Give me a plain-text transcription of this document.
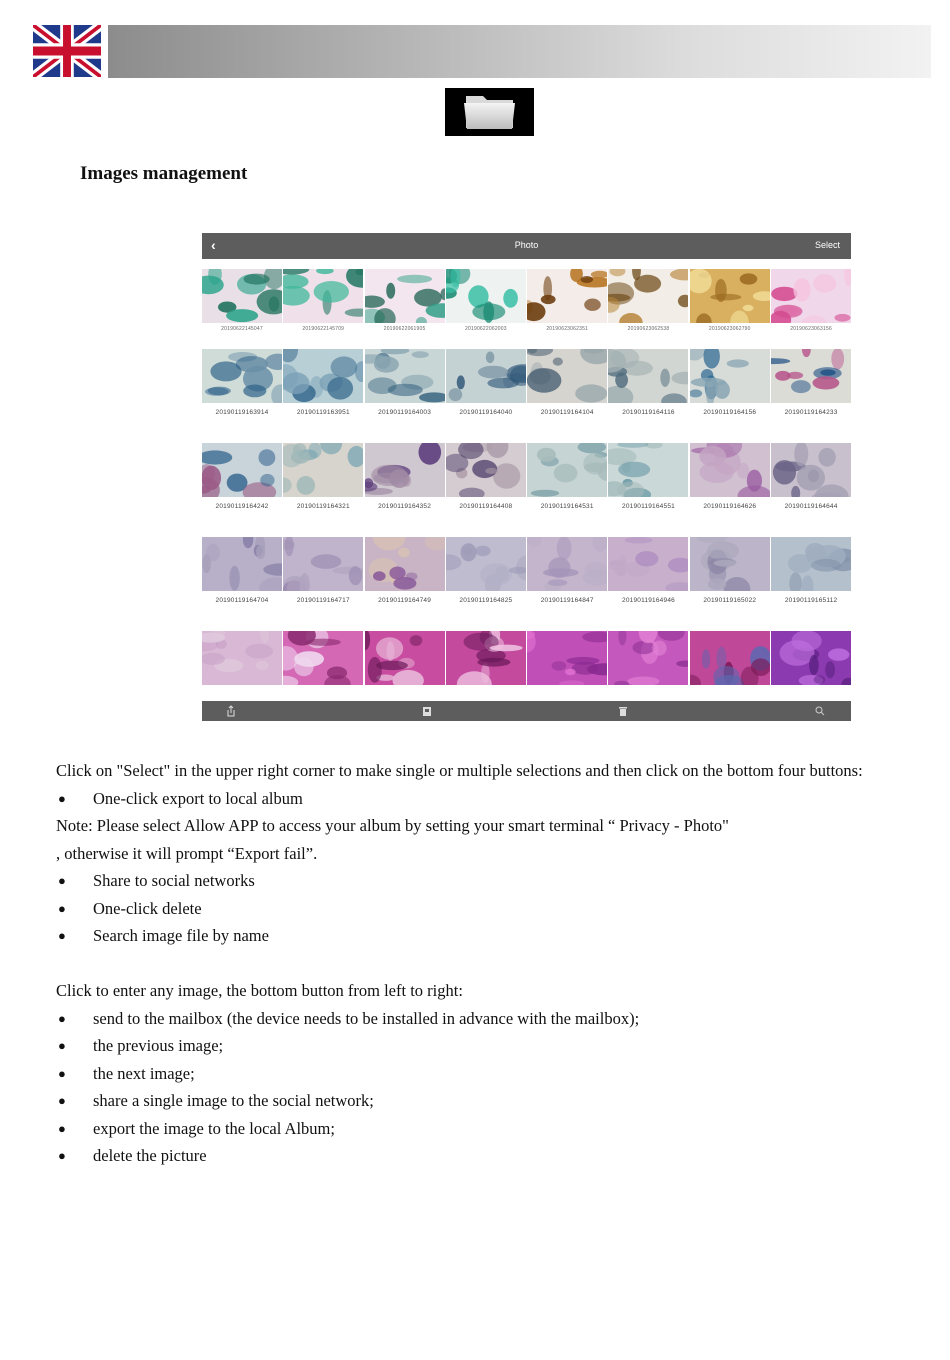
Images management
‹	Photo	Select
20190622145047	20190622145709	20190622061905	20190622062003	20190623062351	20190623062538	20190623062790	20190623063156
20190119163914	20190119163951	20190119164003	20190119164040	20190119164104	20190119164116	20190119164156	20190119164233
20190119164242	20190119164321	20190119164352	20190119164408	20190119164531	20190119164551	20190119164626	20190119164644
20190119164704	20190119164717	20190119164749	20190119164825	20190119164847	20190119164946	20190119165022	20190119165112

Click on "Select" in the upper right corner to make single or multiple selections and then click on the bottom four buttons:

● One-click export to local album

Note: Please select Allow APP to access your album by setting your smart terminal “ Privacy - Photo"

, otherwise it will prompt “Export fail”.

● Share to social networks

● One-click delete

● Search image file by name

Click to enter any image, the bottom button from left to right:

● send to the mailbox (the device needs to be installed in advance with the mailbox);

● the previous image;

● the next image;

● share a single image to the social network;

● export the image to the local Album;

● delete the picture
